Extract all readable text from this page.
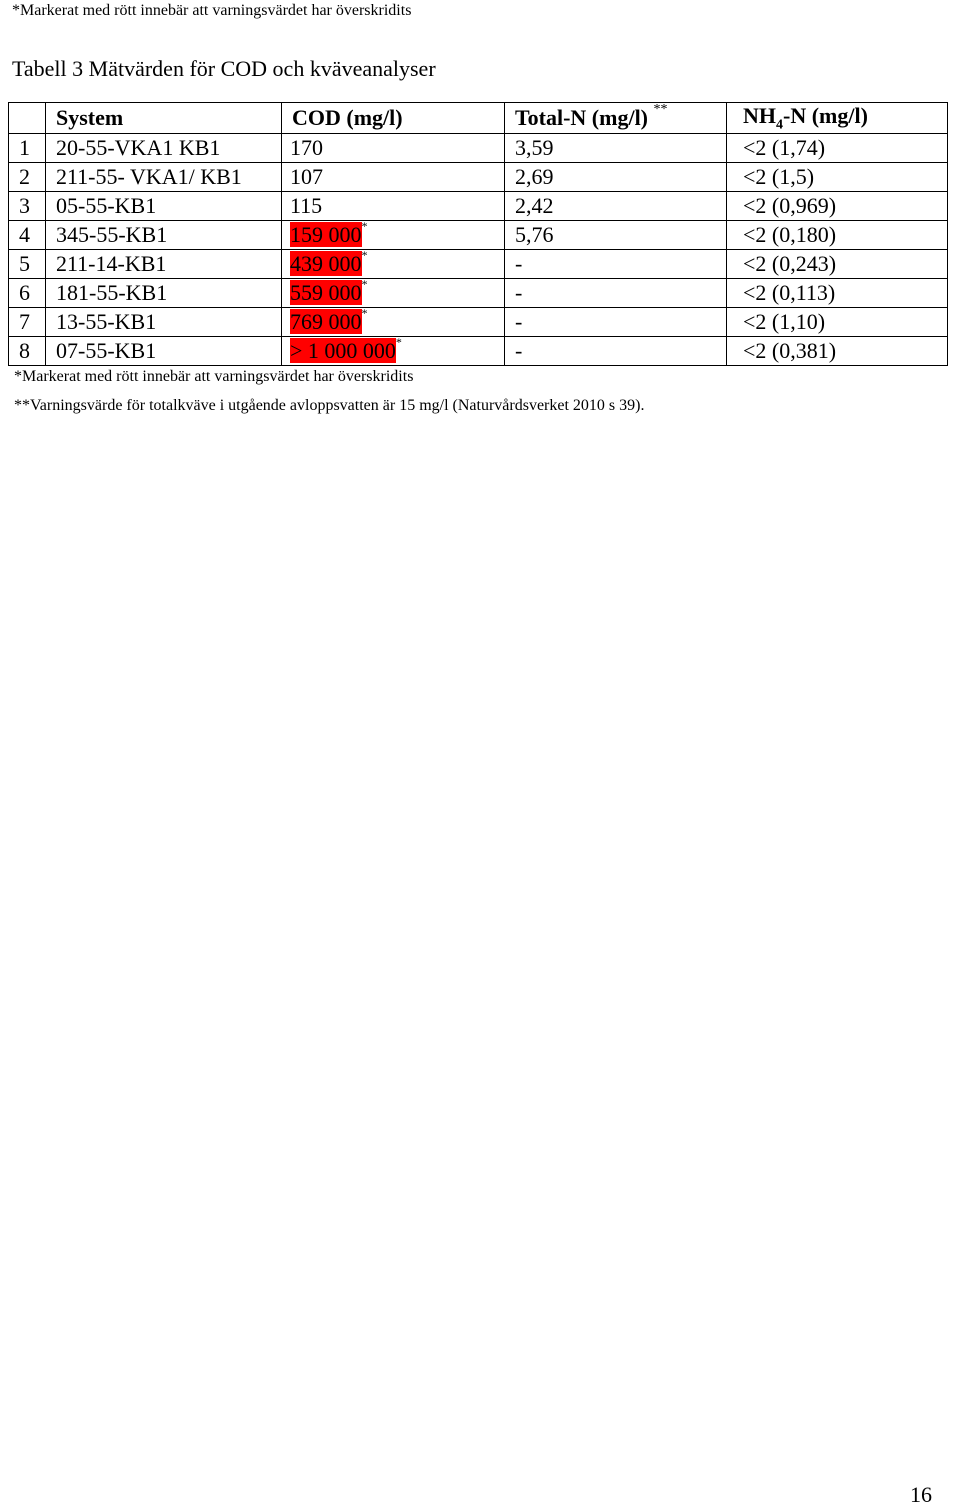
*Markerat med rött innebär att varningsvärdet har överskridits
Tabell 3 Mätvärden för COD och kväveanalyser
	System	COD (mg/l)	Total-N (mg/l) **	$NH_4-N$ (mg/l)
1	20-55-VKA1 KB1	170	3,59	<2 (1,74)
2	211-55- VKA1/ KB1	107	2,69	<2 (1,5)
3	05-55-KB1	115	2,42	<2 (0,969)
4	345-55-KB1	159 000*	5,76	<2 (0,180)
5	211-14-KB1	439 000*	-	<2 (0,243)
6	181-55-KB1	559 000*	-	<2 (0,113)
7	13-55-KB1	769 000*	-	<2 (1,10)
8	07-55-KB1	> 1 000 000*	-	<2 (0,381)
*Markerat med rött innebär att varningsvärdet har överskridits
**Varningsvärde för totalkväve i utgående avloppsvatten är 15 mg/l (Naturvårdsverket 2010 s 39).
16
